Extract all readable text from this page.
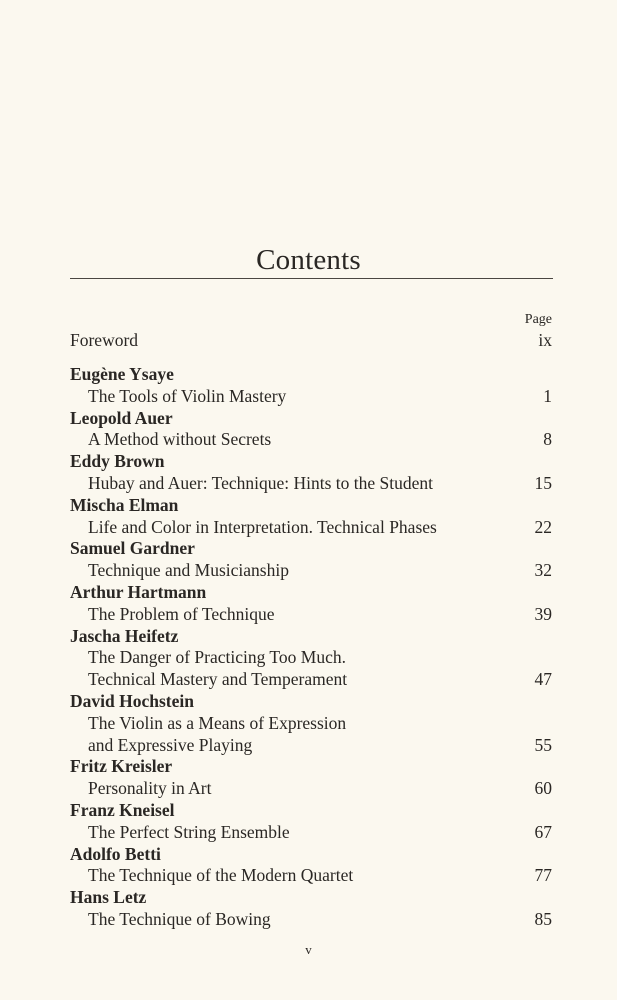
Contents
Page
Foreword	ix
Eugène Ysaye
The Tools of Violin Mastery	1
Leopold Auer
A Method without Secrets	8
Eddy Brown
Hubay and Auer: Technique: Hints to the Student	15
Mischa Elman
Life and Color in Interpretation. Technical Phases	22
Samuel Gardner
Technique and Musicianship	32
Arthur Hartmann
The Problem of Technique	39
Jascha Heifetz
The Danger of Practicing Too Much.
Technical Mastery and Temperament	47
David Hochstein
The Violin as a Means of Expression
and Expressive Playing	55
Fritz Kreisler
Personality in Art	60
Franz Kneisel
The Perfect String Ensemble	67
Adolfo Betti
The Technique of the Modern Quartet	77
Hans Letz
The Technique of Bowing	85
v
